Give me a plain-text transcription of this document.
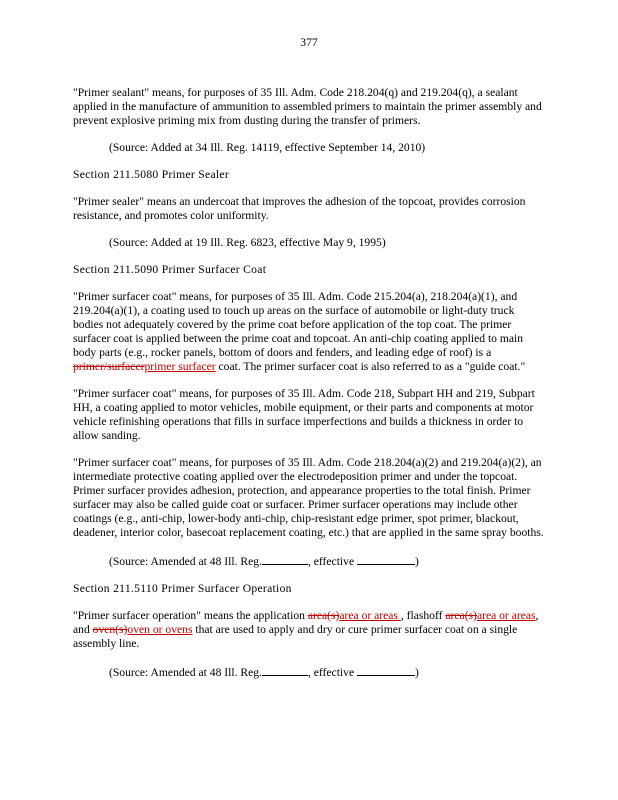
377

"Primer sealant" means, for purposes of 35 Ill. Adm. Code 218.204(q) and 219.204(q), a sealant applied in the manufacture of ammunition to assembled primers to maintain the primer assembly and prevent explosive priming mix from dusting during the transfer of primers.

(Source: Added at 34 Ill. Reg. 14119, effective September 14, 2010)

Section 211.5080 Primer Sealer

"Primer sealer" means an undercoat that improves the adhesion of the topcoat, provides corrosion resistance, and promotes color uniformity.

(Source: Added at 19 Ill. Reg. 6823, effective May 9, 1995)

Section 211.5090 Primer Surfacer Coat

"Primer surfacer coat" means, for purposes of 35 Ill. Adm. Code 215.204(a), 218.204(a)(1), and 219.204(a)(1), a coating used to touch up areas on the surface of automobile or light-duty truck bodies not adequately covered by the prime coat before application of the top coat. The primer surfacer coat is applied between the prime coat and topcoat. An anti-chip coating applied to main body parts (e.g., rocker panels, bottom of doors and fenders, and leading edge of roof) is a primer/surfacerprimer surfacer coat. The primer surfacer coat is also referred to as a "guide coat."

"Primer surfacer coat" means, for purposes of 35 Ill. Adm. Code 218, Subpart HH and 219, Subpart HH, a coating applied to motor vehicles, mobile equipment, or their parts and components at motor vehicle refinishing operations that fills in surface imperfections and builds a thickness in order to allow sanding.

"Primer surfacer coat" means, for purposes of 35 Ill. Adm. Code 218.204(a)(2) and 219.204(a)(2), an intermediate protective coating applied over the electrodeposition primer and under the topcoat. Primer surfacer provides adhesion, protection, and appearance properties to the total finish. Primer surfacer may also be called guide coat or surfacer. Primer surfacer operations may include other coatings (e.g., anti-chip, lower-body anti-chip, chip-resistant edge primer, spot primer, blackout, deadener, interior color, basecoat replacement coating, etc.) that are applied in the same spray booths.

(Source: Amended at 48 Ill. Reg.	, effective	)

Section 211.5110 Primer Surfacer Operation

"Primer surfacer operation" means the application area(s)area or areas , flashoff area(s)area or areas, and oven(s)oven or ovens that are used to apply and dry or cure primer surfacer coat on a single assembly line.

(Source: Amended at 48 Ill. Reg.	, effective	)
